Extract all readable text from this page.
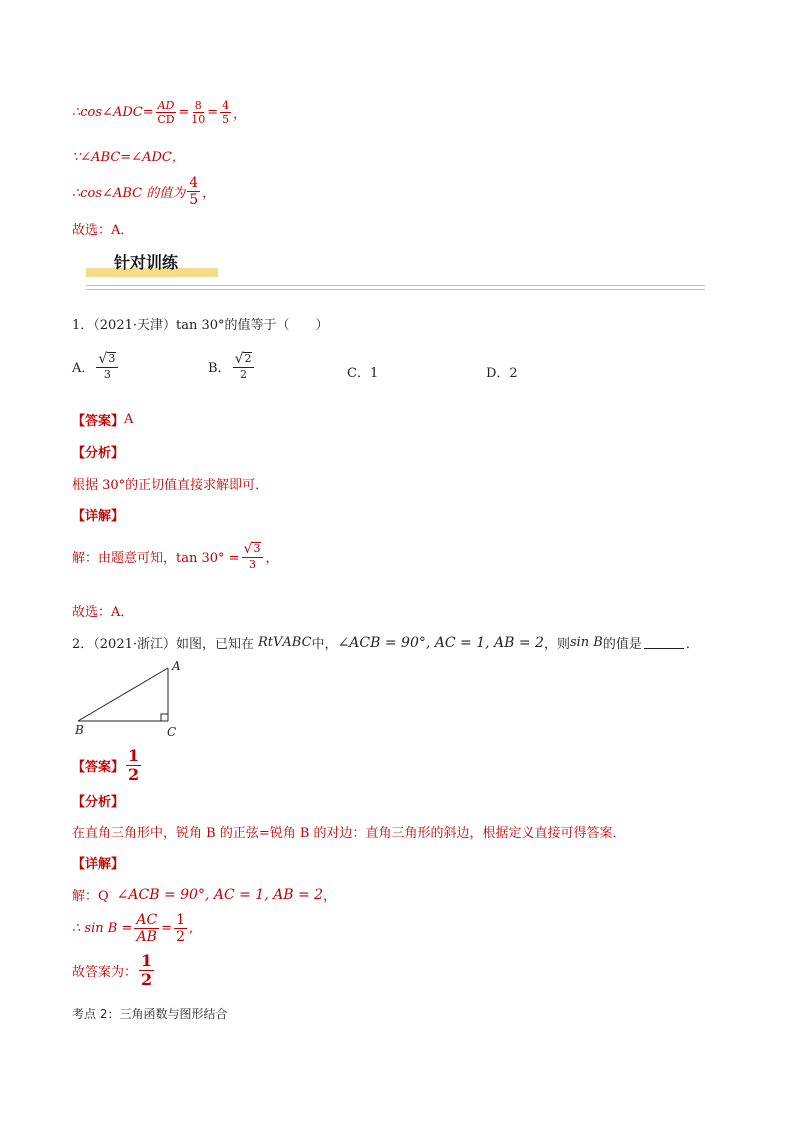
∴cos∠ADC= $\frac{AD}{CD} = \frac{8}{10} = \frac{4}{5}$ ，
∵∠ABC=∠ADC，
∴cos∠ABC 的值为 $\frac{4}{5}$ ，
故选：A．
针对训练
1．（2021·天津）tan 30°的值等于（　　）
A． $\frac{√ 3}{3}$	B． $\frac{√ 2}{2}$	C．1	D．2
【答案】 A
【分析】
根据 30°的正切值直接求解即可．
【详解】
解：由题意可知，$\tan 30^\circ = \frac{√ 3}{3}$ ，
故选：A．
2．（2021·浙江）如图，已知在 Rt V ABC 中， ∠ACB = 90°, AC = 1, AB = 2 ，则 sin B 的值是	．
A
B	C
【答案】 $\frac{1}{2}$
【分析】
在直角三角形中，锐角 B 的正弦=锐角 B 的对边：直角三角形的斜边，根据定义直接可得答案．
【详解】
解：Q ∠ACB = 90°, AC = 1, AB = 2 ，
∴ $\sin B = \frac{AC}{AB} = \frac{1}{2}$ ,
故答案为： $\frac{1}{2}$
考点 2：三角函数与图形结合
